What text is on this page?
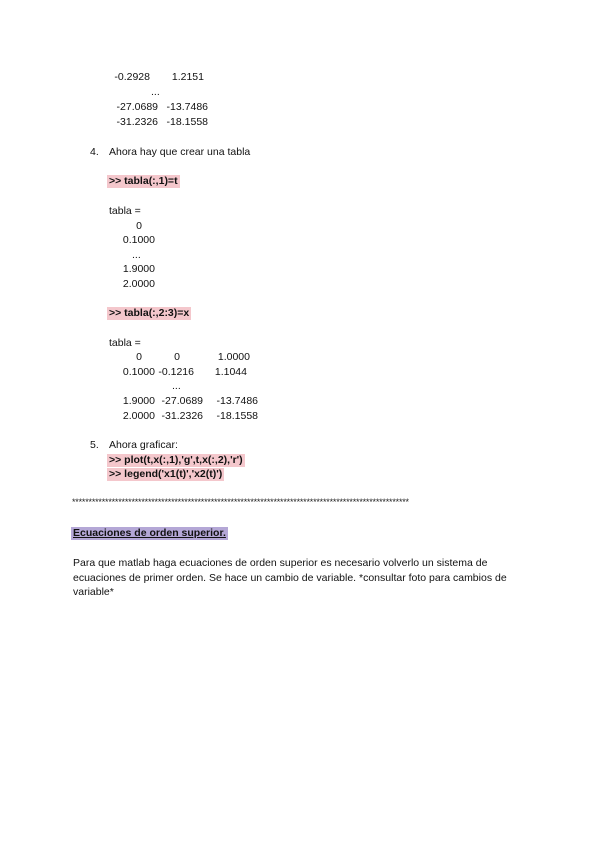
-0.2928	1.2151
...
-27.0689 -13.7486
-31.2326 -18.1558
4. Ahora hay que crear una tabla
>> tabla(:,1)=t
tabla =
0
0.1000
...
1.9000
2.0000
>> tabla(:,2:3)=x
tabla =
0	0	1.0000
0.1000 -0.1216	1.1044
...
1.9000 -27.0689	-13.7486
2.0000 -31.2326	-18.1558
5. Ahora graficar:
>> plot(t,x(:,1),'g',t,x(:,2),'r')
>> legend('x1(t)','x2(t)')
******************************************************************************************************
Ecuaciones de orden superior.
Para que matlab haga ecuaciones de orden superior es necesario volverlo un sistema de ecuaciones de primer orden. Se hace un cambio de variable. *consultar foto para cambios de variable*
